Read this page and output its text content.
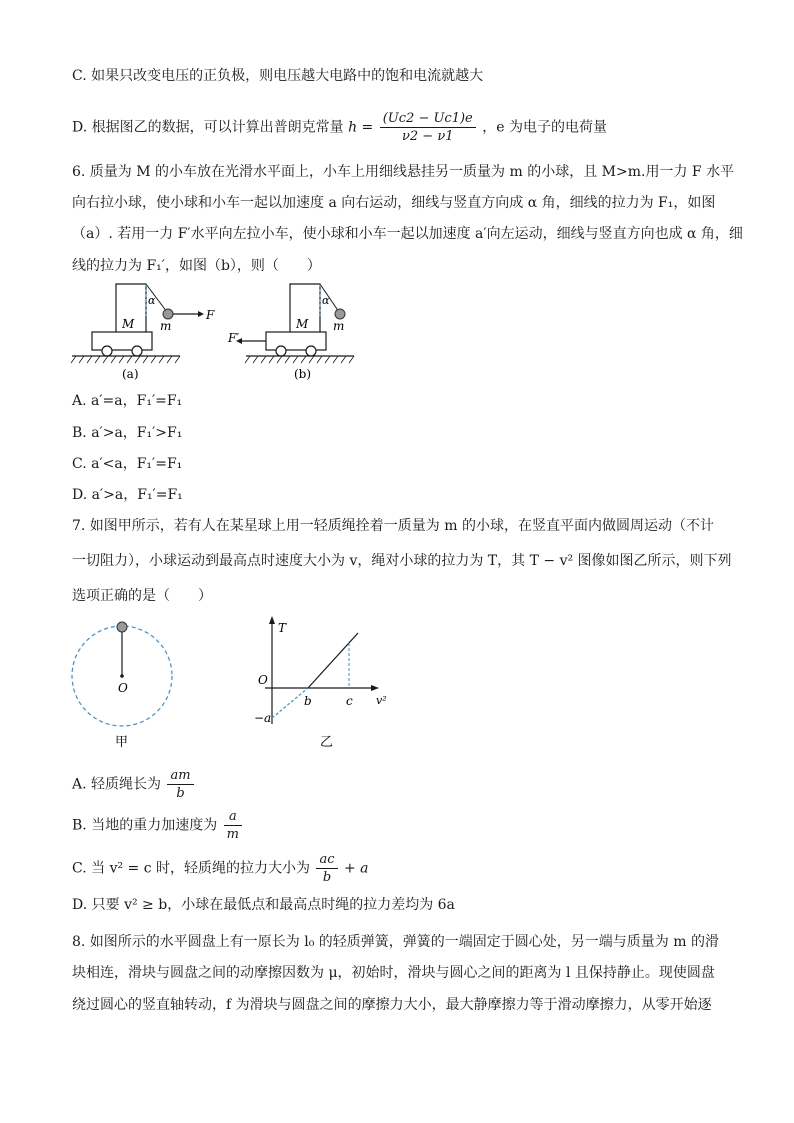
C. 如果只改变电压的正负极，则电压越大电路中的饱和电流就越大
D. 根据图乙的数据，可以计算出普朗克常量 $h = \frac{(Uc2 - Uc1)e}{\nu 2 - \nu 1}$ ，e 为电子的电荷量
6. 质量为 M 的小车放在光滑水平面上，小车上用细线悬挂另一质量为 m 的小球，且 M>m.用一力 F 水平
向右拉小球，使小球和小车一起以加速度 a 向右运动，细线与竖直方向成 α 角，细线的拉力为 F₁，如图
（a）. 若用一力 F′水平向左拉小车，使小球和小车一起以加速度 a′向左运动，细线与竖直方向也成 α 角，细
线的拉力为 F₁′，如图（b），则（　　）
α
M m
F
(a)
α
M m
F′
(b)
A. a′=a，F₁′=F₁
B. a′>a，F₁′>F₁
C. a′<a，F₁′=F₁
D. a′>a，F₁′=F₁
7. 如图甲所示，若有人在某星球上用一轻质绳拴着一质量为 m 的小球，在竖直平面内做圆周运动（不计
一切阻力），小球运动到最高点时速度大小为 v，绳对小球的拉力为 T，其 T − v² 图像如图乙所示，则下列
选项正确的是（　　）
O
甲
T
O
b	c v²
−a
乙
A. 轻质绳长为 $\frac{am}{b}$
B. 当地的重力加速度为 $\frac{a}{m}$
C. 当 v² = c 时，轻质绳的拉力大小为 $\frac{ac}{b} + a$
D. 只要 v² ≥ b，小球在最低点和最高点时绳的拉力差均为 6a
8. 如图所示的水平圆盘上有一原长为 l₀ 的轻质弹簧，弹簧的一端固定于圆心处，另一端与质量为 m 的滑
块相连，滑块与圆盘之间的动摩擦因数为 μ，初始时，滑块与圆心之间的距离为 l 且保持静止。现使圆盘
绕过圆心的竖直轴转动，f 为滑块与圆盘之间的摩擦力大小，最大静摩擦力等于滑动摩擦力，从零开始逐
